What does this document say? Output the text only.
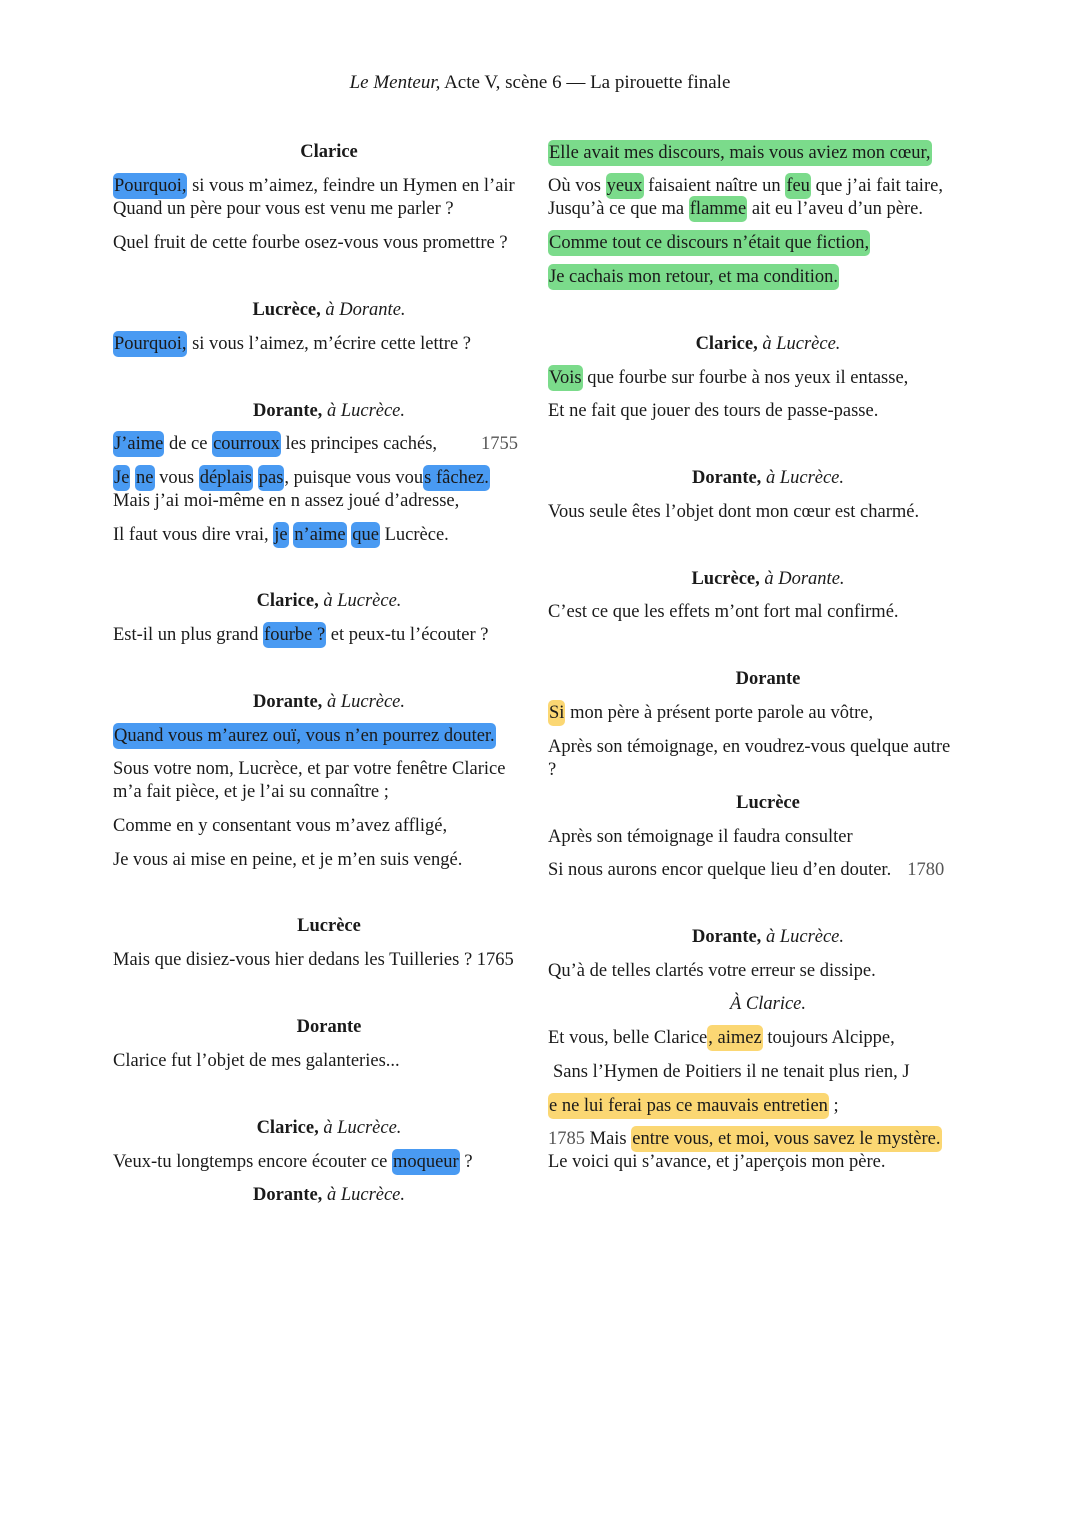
Le Menteur, Acte V, scène 6 — La pirouette finale
Clarice
Pourquoi, si vous m’aimez, feindre un Hymen en l’air
Quand un père pour vous est venu me parler ?
Quel fruit de cette fourbe osez-vous vous promettre ?
Lucrèce, à Dorante.
Pourquoi, si vous l’aimez, m’écrire cette lettre ?
Dorante, à Lucrèce.
J’aime de ce courroux les principes cachés, 1755
Je ne vous déplais pas, puisque vous vous fâchez.
Mais j’ai moi-même en n assez joué d’adresse,
Il faut vous dire vrai, je n’aime que Lucrèce.
Clarice, à Lucrèce.
Est-il un plus grand fourbe ? et peux-tu l’écouter ?
Dorante, à Lucrèce.
Quand vous m’aurez ouï, vous n’en pourrez douter.
Sous votre nom, Lucrèce, et par votre fenêtre Clarice
m’a fait pièce, et je l’ai su connaître ;
Comme en y consentant vous m’avez affligé,
Je vous ai mise en peine, et je m’en suis vengé.
Lucrèce
Mais que disiez-vous hier dedans les Tuilleries ? 1765
Dorante
Clarice fut l’objet de mes galanteries...
Clarice, à Lucrèce.
Veux-tu longtemps encore écouter ce moqueur ?
Dorante, à Lucrèce.
Elle avait mes discours, mais vous aviez mon cœur,
Où vos yeux faisaient naître un feu que j’ai fait taire,
Jusqu’à ce que ma flamme ait eu l’aveu d’un père.
Comme tout ce discours n’était que fiction,
Je cachais mon retour, et ma condition.
Clarice, à Lucrèce.
Vois que fourbe sur fourbe à nos yeux il entasse,
Et ne fait que jouer des tours de passe-passe.
Dorante, à Lucrèce.
Vous seule êtes l’objet dont mon cœur est charmé.
Lucrèce, à Dorante.
C’est ce que les effets m’ont fort mal confirmé.
Dorante
Si mon père à présent porte parole au vôtre,
Après son témoignage, en voudrez-vous quelque autre
?
Lucrèce
Après son témoignage il faudra consulter
Si nous aurons encor quelque lieu d’en douter. 1780
Dorante, à Lucrèce.
Qu’à de telles clartés votre erreur se dissipe.
À Clarice.
Et vous, belle Clarice, aimez toujours Alcippe,
Sans l’Hymen de Poitiers il ne tenait plus rien, J
e ne lui ferai pas ce mauvais entretien ;
1785 Mais entre vous, et moi, vous savez le mystère.
Le voici qui s’avance, et j’aperçois mon père.
